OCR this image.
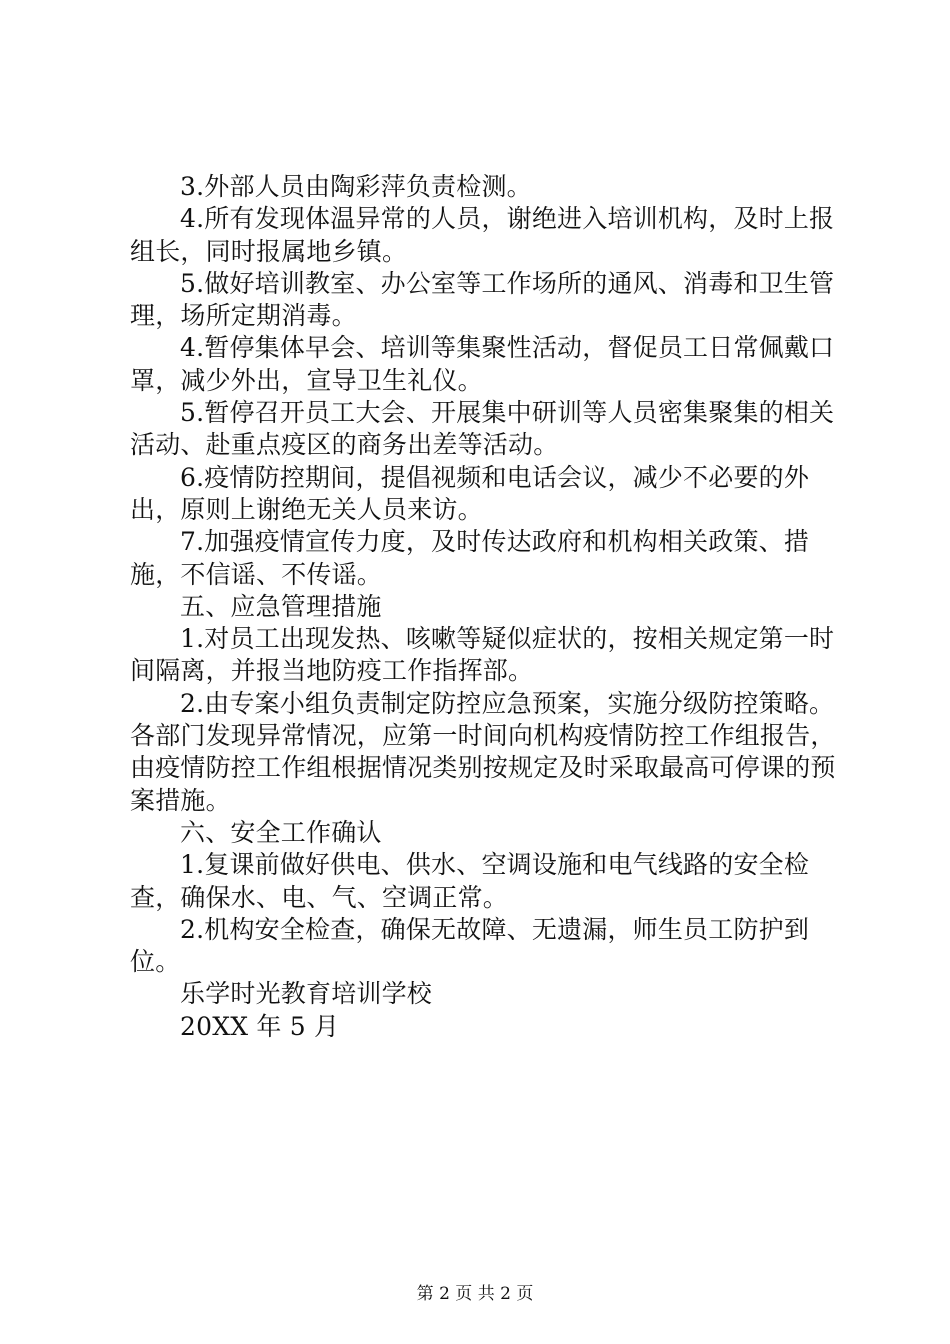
3.外部人员由陶彩萍负责检测。

4.所有发现体温异常的人员，谢绝进入培训机构，及时上报组长，同时报属地乡镇。

5.做好培训教室、办公室等工作场所的通风、消毒和卫生管理，场所定期消毒。

4.暂停集体早会、培训等集聚性活动，督促员工日常佩戴口罩，减少外出，宣导卫生礼仪。

5.暂停召开员工大会、开展集中研训等人员密集聚集的相关活动、赴重点疫区的商务出差等活动。

6.疫情防控期间，提倡视频和电话会议，减少不必要的外出，原则上谢绝无关人员来访。

7.加强疫情宣传力度，及时传达政府和机构相关政策、措施，不信谣、不传谣。

五、应急管理措施

1.对员工出现发热、咳嗽等疑似症状的，按相关规定第一时间隔离，并报当地防疫工作指挥部。

2.由专案小组负责制定防控应急预案，实施分级防控策略。各部门发现异常情况，应第一时间向机构疫情防控工作组报告，由疫情防控工作组根据情况类别按规定及时采取最高可停课的预案措施。

六、安全工作确认

1.复课前做好供电、供水、空调设施和电气线路的安全检查，确保水、电、气、空调正常。

2.机构安全检查，确保无故障、无遗漏，师生员工防护到位。

乐学时光教育培训学校

20XX 年 5 月

第 2 页 共 2 页
